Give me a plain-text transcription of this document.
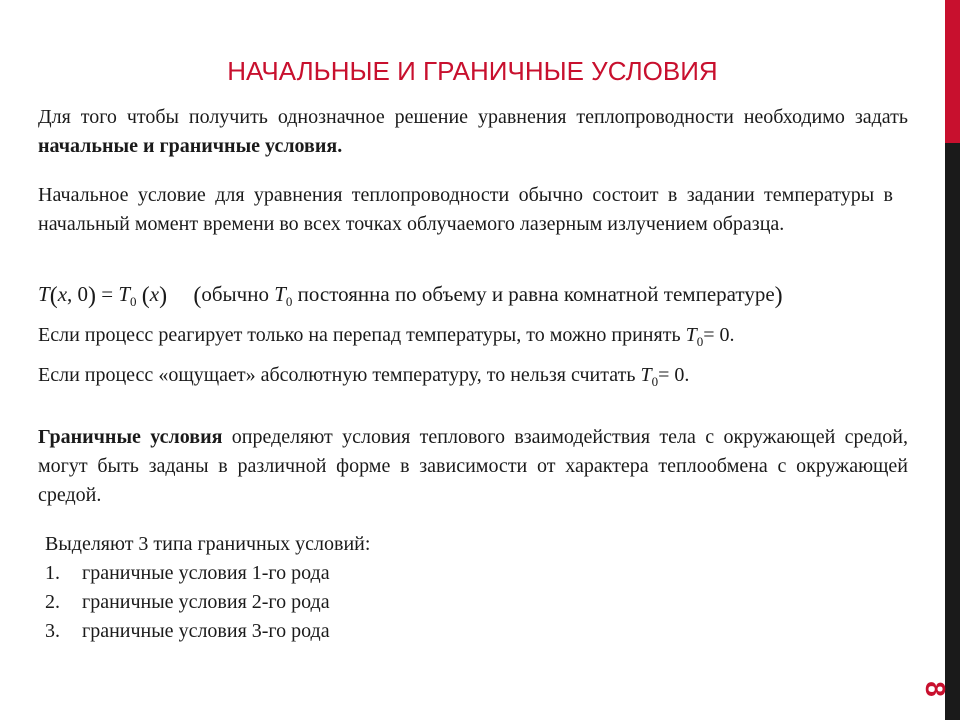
НАЧАЛЬНЫЕ И ГРАНИЧНЫЕ УСЛОВИЯ
Для того чтобы получить однозначное решение уравнения теплопроводности необходимо задать начальные и граничные условия.
Начальное условие для уравнения теплопроводности обычно состоит в задании температуры в начальный момент времени во всех точках облучаемого лазерным излучением образца.
T(x, $0) = T_0$ (x) (обычно $T_0$ постоянна по объему и равна комнатной температуре)
Если процесс реагирует только на перепад температуры, то можно принять $T_0= 0$.
Если процесс «ощущает» абсолютную температуру, то нельзя считать $T_0= 0$.
Граничные условия определяют условия теплового взаимодействия тела с окружающей средой, могут быть заданы в различной форме в зависимости от характера теплообмена с окружающей средой.
Выделяют 3 типа граничных условий:
1. граничные условия 1-го рода
2. граничные условия 2-го рода
3. граничные условия 3-го рода
8
